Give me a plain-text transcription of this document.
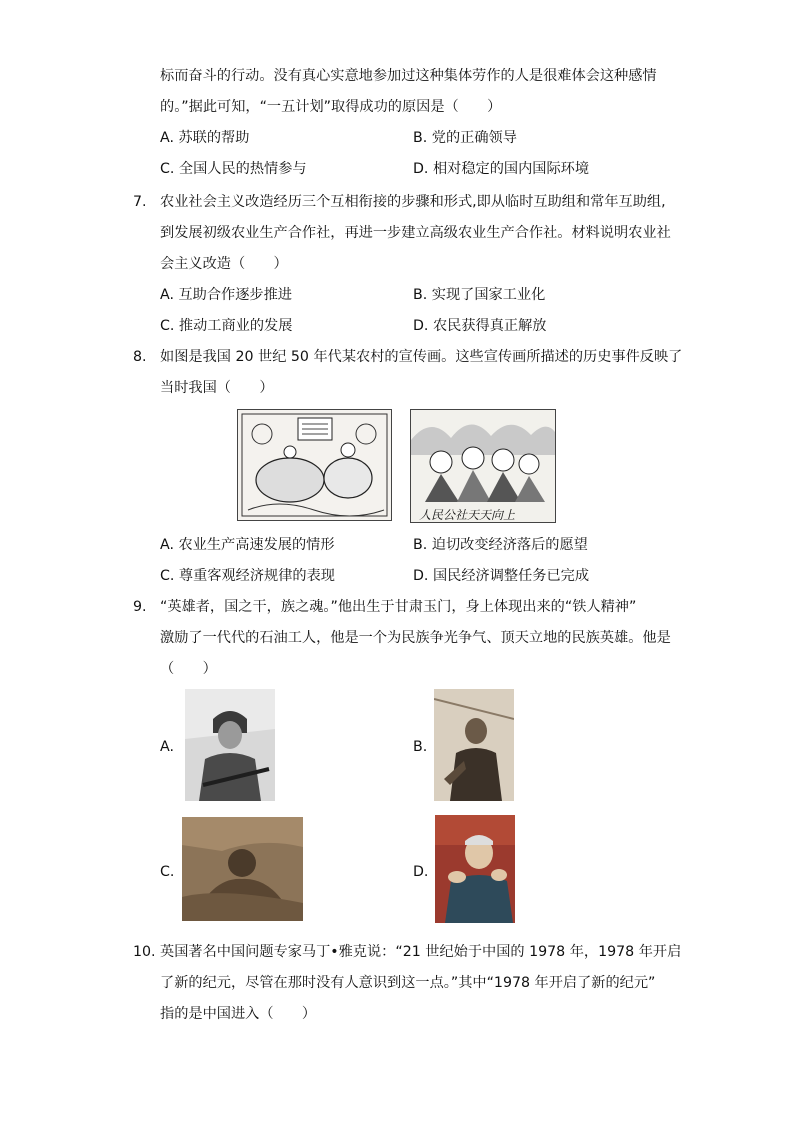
标而奋斗的行动。没有真心实意地参加过这种集体劳作的人是很难体会这种感情
的。”据此可知，“一五计划”取得成功的原因是（　　）
A. 苏联的帮助	B. 党的正确领导
C. 全国人民的热情参与	D. 相对稳定的国内国际环境
7. 农业社会主义改造经历三个互相衔接的步骤和形式,即从临时互助组和常年互助组,
到发展初级农业生产合作社，再进一步建立高级农业生产合作社。材料说明农业社
会主义改造（　　）
A. 互助合作逐步推进	B. 实现了国家工业化
C. 推动工商业的发展	D. 农民获得真正解放
8. 如图是我国 20 世纪 50 年代某农村的宣传画。这些宣传画所描述的历史事件反映了
当时我国（　　）
人民公社天天向上
A. 农业生产高速发展的情形	B. 迫切改变经济落后的愿望
C. 尊重客观经济规律的表现	D. 国民经济调整任务已完成
9. “英雄者，国之干，族之魂。”他出生于甘肃玉门，身上体现出来的“铁人精神”
激励了一代代的石油工人，他是一个为民族争光争气、顶天立地的民族英雄。他是
（　　）
A.	B.
C.	D.
10. 英国著名中国问题专家马丁•雅克说：“21 世纪始于中国的 1978 年，1978 年开启
了新的纪元，尽管在那时没有人意识到这一点。”其中“1978 年开启了新的纪元”
指的是中国进入（　　）
